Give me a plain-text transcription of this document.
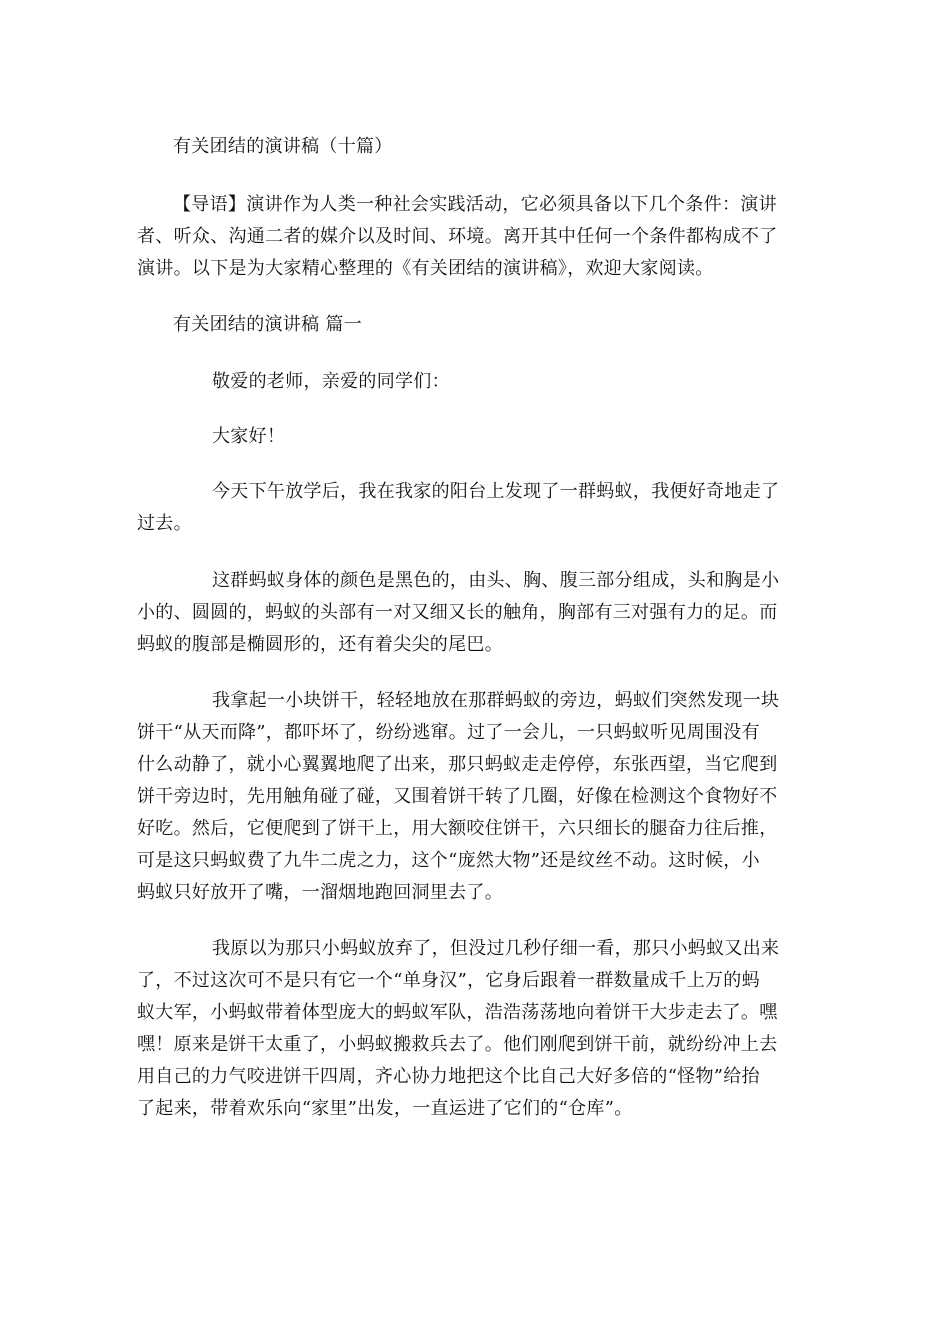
有关团结的演讲稿（十篇）
【导语】演讲作为人类一种社会实践活动，它必须具备以下几个条件：演讲
者、听众、沟通二者的媒介以及时间、环境。离开其中任何一个条件都构成不了
演讲。以下是为大家精心整理的《有关团结的演讲稿》，欢迎大家阅读。
有关团结的演讲稿 篇一
敬爱的老师，亲爱的同学们：
大家好！
今天下午放学后，我在我家的阳台上发现了一群蚂蚁，我便好奇地走了
过去。
这群蚂蚁身体的颜色是黑色的，由头、胸、腹三部分组成，头和胸是小
小的、圆圆的，蚂蚁的头部有一对又细又长的触角，胸部有三对强有力的足。而
蚂蚁的腹部是椭圆形的，还有着尖尖的尾巴。
我拿起一小块饼干，轻轻地放在那群蚂蚁的旁边，蚂蚁们突然发现一块
饼干“从天而降”，都吓坏了，纷纷逃窜。过了一会儿，一只蚂蚁听见周围没有
什么动静了，就小心翼翼地爬了出来，那只蚂蚁走走停停，东张西望，当它爬到
饼干旁边时，先用触角碰了碰，又围着饼干转了几圈，好像在检测这个食物好不
好吃。然后，它便爬到了饼干上，用大额咬住饼干，六只细长的腿奋力往后推，
可是这只蚂蚁费了九牛二虎之力，这个“庞然大物”还是纹丝不动。这时候，小
蚂蚁只好放开了嘴，一溜烟地跑回洞里去了。
我原以为那只小蚂蚁放弃了，但没过几秒仔细一看，那只小蚂蚁又出来
了，不过这次可不是只有它一个“单身汉”，它身后跟着一群数量成千上万的蚂
蚁大军，小蚂蚁带着体型庞大的蚂蚁军队，浩浩荡荡地向着饼干大步走去了。嘿
嘿！原来是饼干太重了，小蚂蚁搬救兵去了。他们刚爬到饼干前，就纷纷冲上去
用自己的力气咬进饼干四周，齐心协力地把这个比自己大好多倍的“怪物”给抬
了起来，带着欢乐向“家里”出发，一直运进了它们的“仓库”。
